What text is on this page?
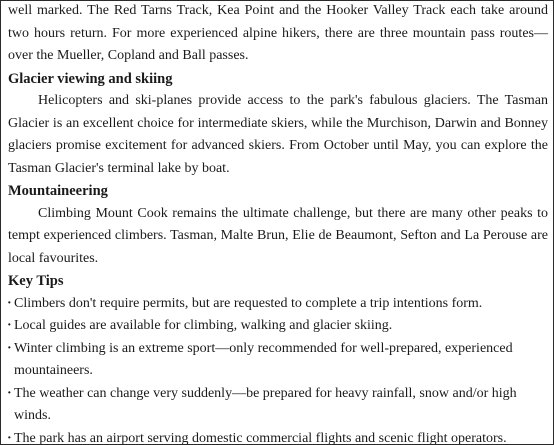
well marked. The Red Tarns Track, Kea Point and the Hooker Valley Track each take around two hours return. For more experienced alpine hikers, there are three mountain pass routes—over the Mueller, Copland and Ball passes.

Glacier viewing and skiing

Helicopters and ski-planes provide access to the park's fabulous glaciers. The Tasman Glacier is an excellent choice for intermediate skiers, while the Murchison, Darwin and Bonney glaciers promise excitement for advanced skiers. From October until May, you can explore the Tasman Glacier's terminal lake by boat.

Mountaineering

Climbing Mount Cook remains the ultimate challenge, but there are many other peaks to tempt experienced climbers. Tasman, Malte Brun, Elie de Beaumont, Sefton and La Perouse are local favourites.

Key Tips
· Climbers don't require permits, but are requested to complete a trip intentions form.
· Local guides are available for climbing, walking and glacier skiing.
· Winter climbing is an extreme sport—only recommended for well-prepared, experienced mountaineers.
· The weather can change very suddenly—be prepared for heavy rainfall, snow and/or high winds.
· The park has an airport serving domestic commercial flights and scenic flight operators.
